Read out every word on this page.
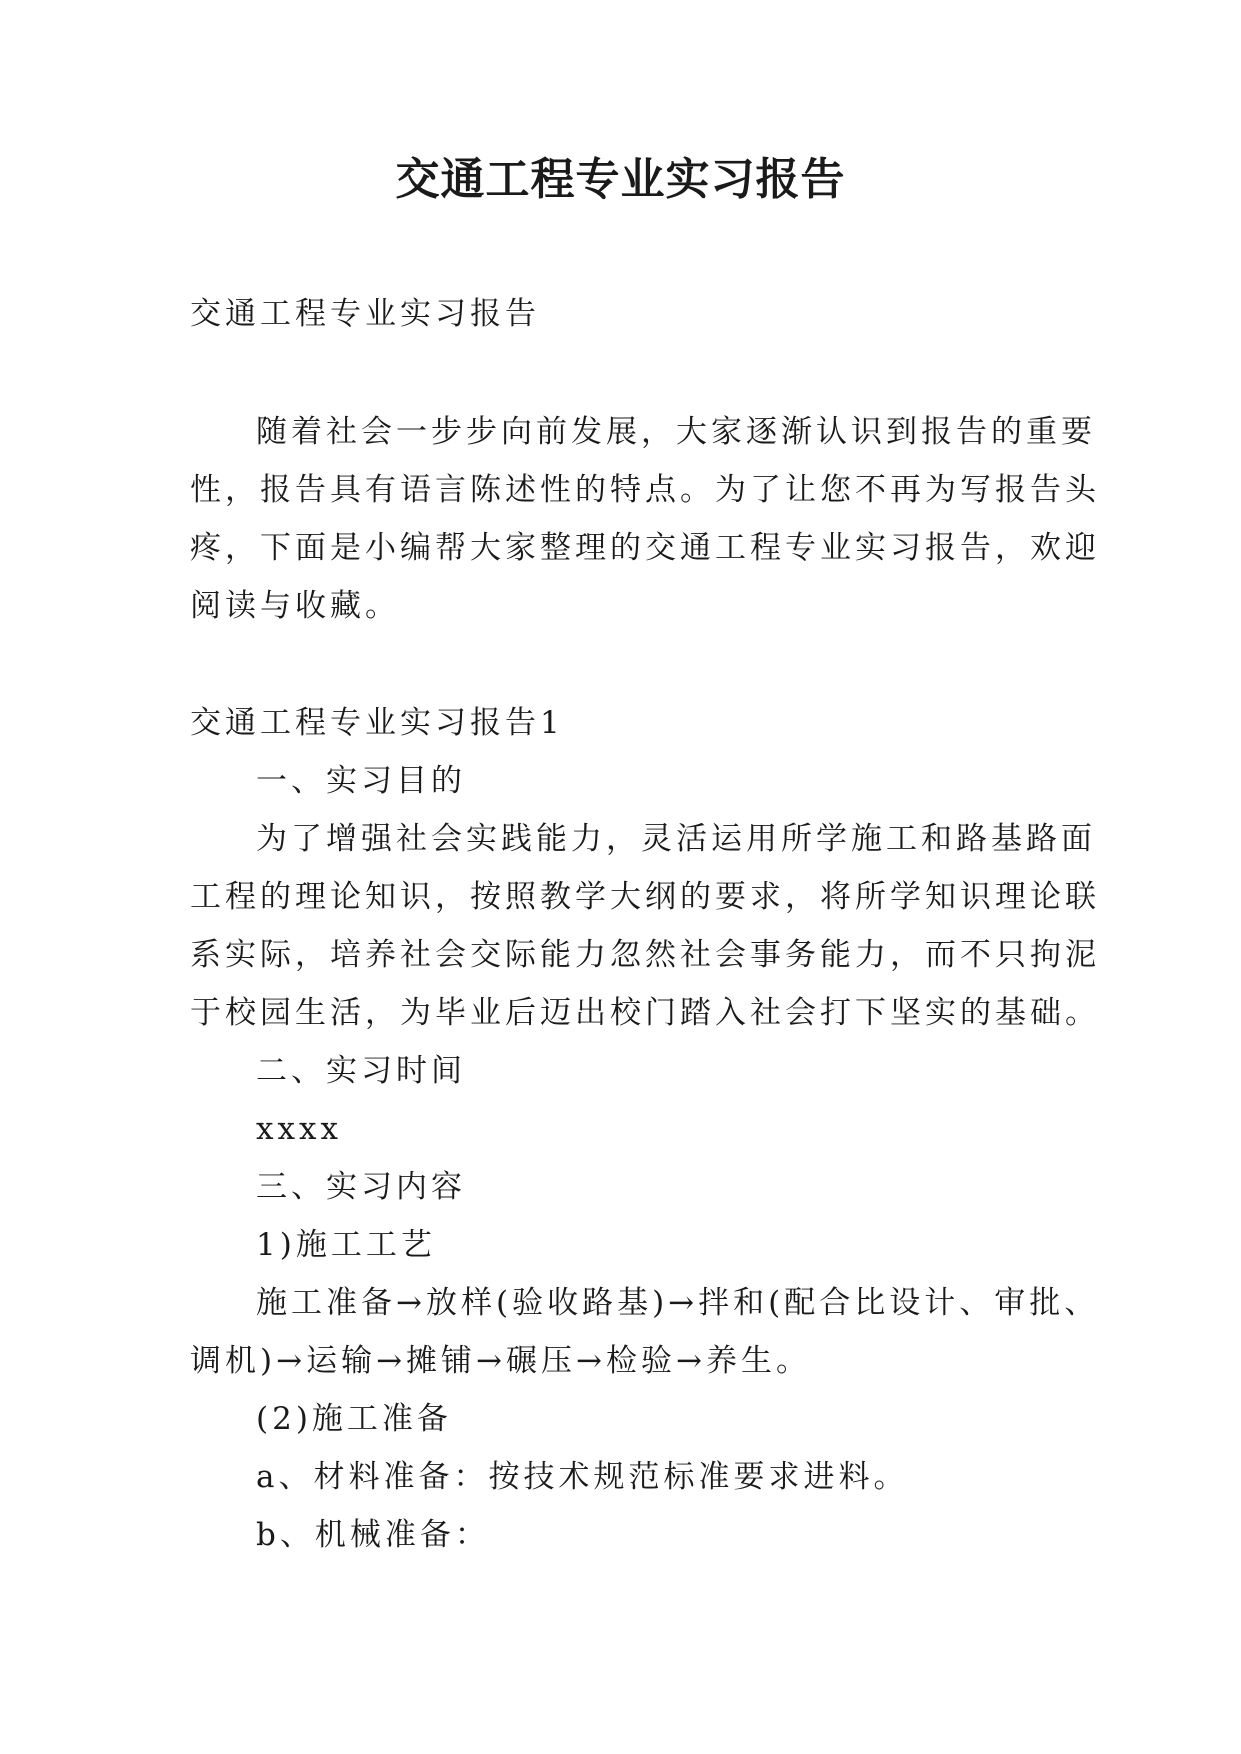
交通工程专业实习报告

交通工程专业实习报告

随着社会一步步向前发展，大家逐渐认识到报告的重要

性，报告具有语言陈述性的特点。为了让您不再为写报告头

疼，下面是小编帮大家整理的交通工程专业实习报告，欢迎

阅读与收藏。

交通工程专业实习报告1

一、实习目的

为了增强社会实践能力，灵活运用所学施工和路基路面

工程的理论知识，按照教学大纲的要求，将所学知识理论联

系实际，培养社会交际能力忽然社会事务能力，而不只拘泥

于校园生活，为毕业后迈出校门踏入社会打下坚实的基础。

二、实习时间

xxxx

三、实习内容

1)施工工艺

施工准备→放样(验收路基)→拌和(配合比设计、审批、

调机)→运输→摊铺→碾压→检验→养生。

(2)施工准备

a、材料准备：按技术规范标准要求进料。

b、机械准备：
